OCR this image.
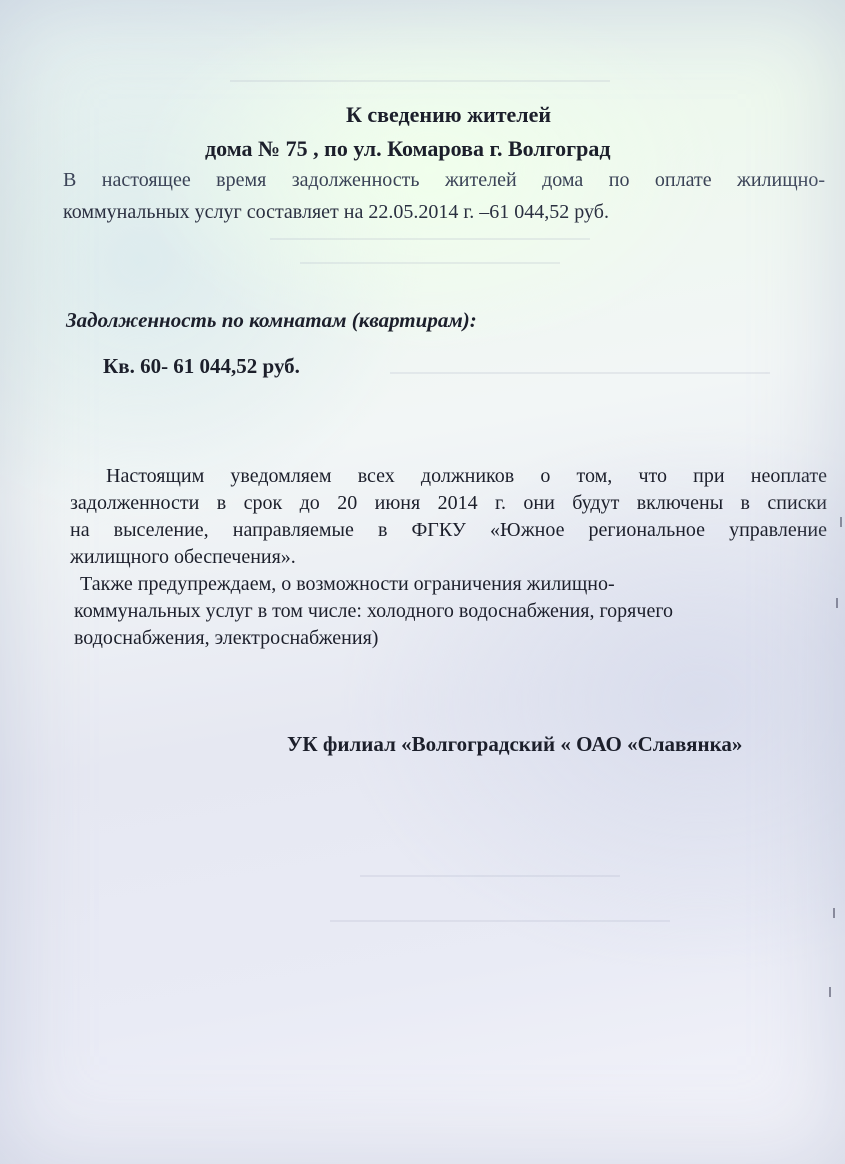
К сведению жителей
дома № 75 , по ул. Комарова г. Волгоград
В настоящее время задолженность жителей дома по оплате жилищно-
коммунальных услуг составляет на 22.05.2014 г. –61 044,52 руб.
Задолженность по комнатам (квартирам):
Кв. 60- 61 044,52 руб.
Настоящим уведомляем всех должников о том, что при неоплате
задолженности в срок до 20 июня 2014 г. они будут включены в списки
на выселение, направляемые в ФГКУ «Южное региональное управление
жилищного обеспечения».
Также предупреждаем, о возможности ограничения жилищно-
коммунальных услуг в том числе: холодного водоснабжения, горячего
водоснабжения, электроснабжения)
УК филиал «Волгоградский « ОАО «Славянка»
